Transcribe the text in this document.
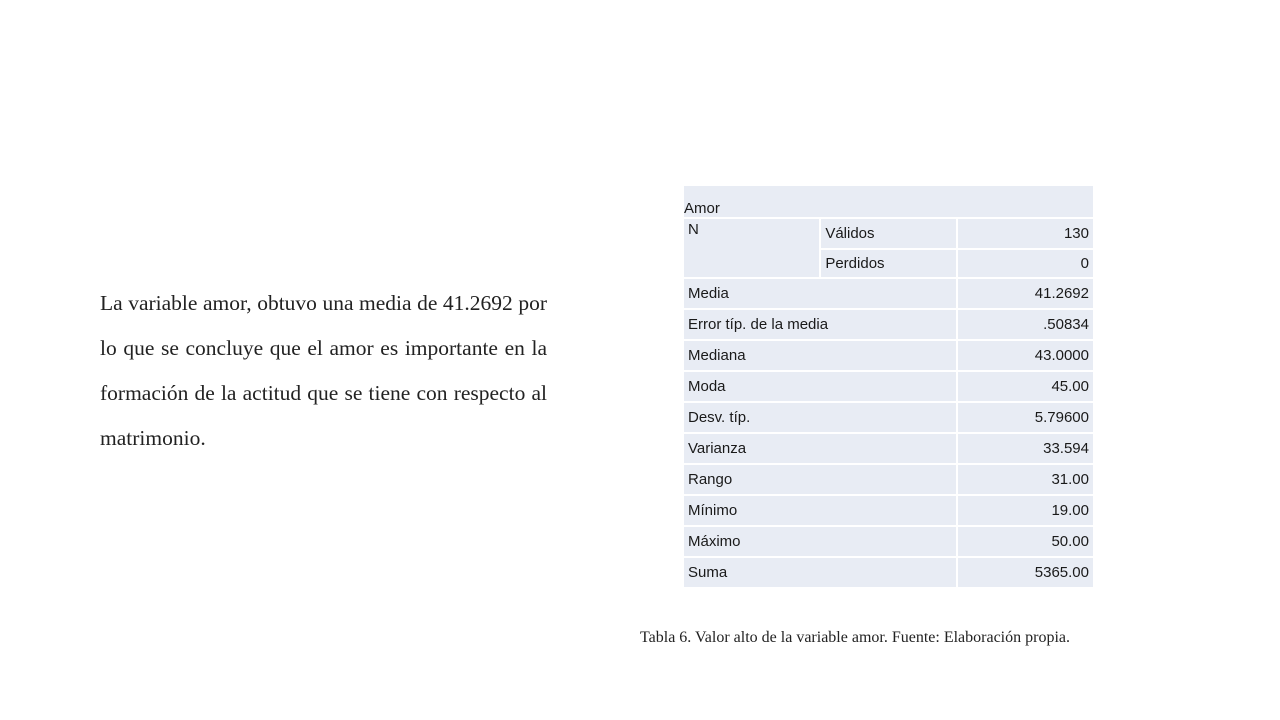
La variable amor, obtuvo una media de 41.2692 por lo que se concluye que el amor es importante en la formación de la actitud que se tiene con respecto al matrimonio.

Amor		
N	Válidos	130
	Perdidos	0
Media		41.2692
Error típ. de la media		.50834
Mediana		43.0000
Moda		45.00
Desv. típ.		5.79600
Varianza		33.594
Rango		31.00
Mínimo		19.00
Máximo		50.00
Suma		5365.00

Tabla 6. Valor alto de la variable amor. Fuente: Elaboración propia.
